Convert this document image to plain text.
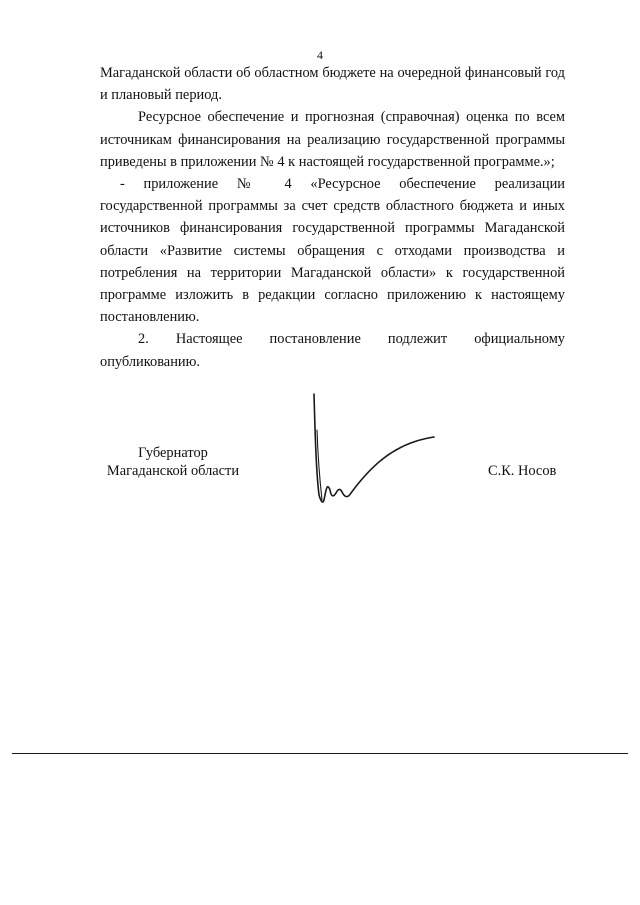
4

Магаданской области об областном бюджете на очередной финансовый год и плановый период.

Ресурсное обеспечение и прогнозная (справочная) оценка по всем источникам финансирования на реализацию государственной программы приведены в приложении № 4 к настоящей государственной программе.»;

- приложение № 4 «Ресурсное обеспечение реализации государственной программы за счет средств областного бюджета и иных источников финансирования государственной программы Магаданской области «Развитие системы обращения с отходами производства и потребления на территории Магаданской области» к государственной программе изложить в редакции согласно приложению к настоящему постановлению.

2. Настоящее постановление подлежит официальному опубликованию.

Губернатор
Магаданской области	С.К. Носов
